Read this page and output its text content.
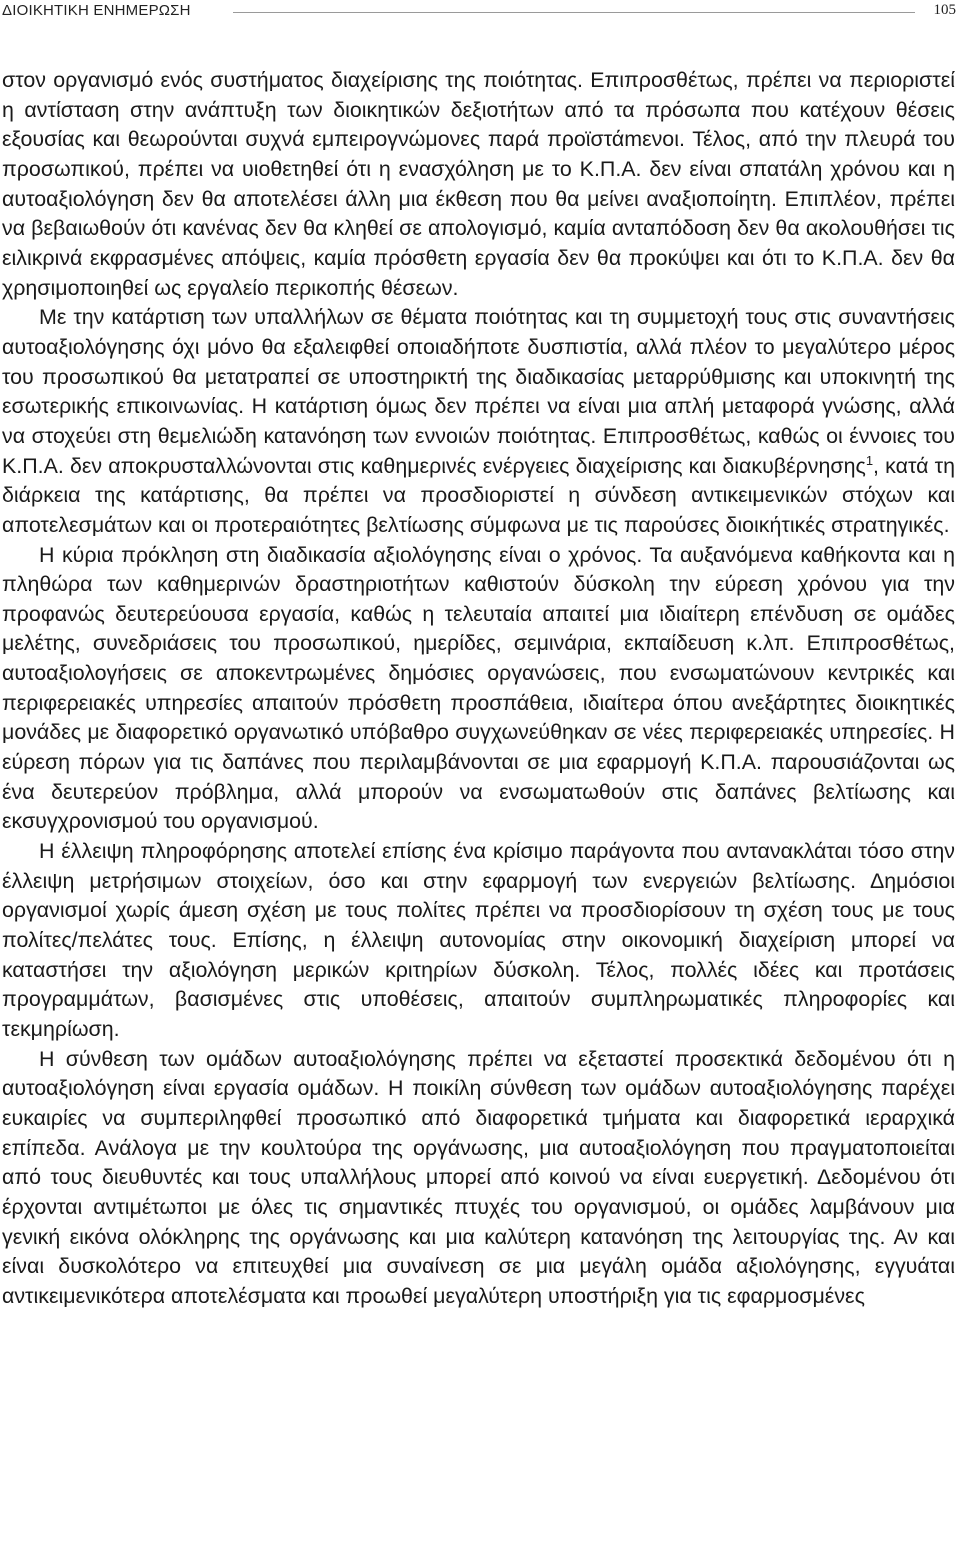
ΔΙΟΙΚΗΤΙΚΗ ΕΝΗΜΕΡΩΣΗ	105

στον οργανισμό ενός συστήματος διαχείρισης της ποιότητας. Επιπροσθέτως, πρέπει να περιοριστεί η αντίσταση στην ανάπτυξη των διοικητικών δεξιοτήτων από τα πρόσωπα που κατέχουν θέσεις εξουσίας και θεωρούνται συχνά εμπειρογνώμονες παρά προϊστάmενοι. Τέλος, από την πλευρά του προσωπικού, πρέπει να υιοθετηθεί ότι η ενασχόληση με το Κ.Π.Α. δεν είναι σπατάλη χρόνου και η αυτοαξιολόγηση δεν θα αποτελέσει άλλη μια έκθεση που θα μείνει αναξιοποίητη. Επιπλέον, πρέπει να βεβαιωθούν ότι κανένας δεν θα κληθεί σε απολογισμό, καμία ανταπόδοση δεν θα ακολουθήσει τις ειλικρινά εκφρασμένες απόψεις, καμία πρόσθετη εργασία δεν θα προκύψει και ότι το Κ.Π.Α. δεν θα χρησιμοποιηθεί ως εργαλείο περικοπής θέσεων.

Με την κατάρτιση των υπαλλήλων σε θέματα ποιότητας και τη συμμετοχή τους στις συναντήσεις αυτοαξιολόγησης όχι μόνο θα εξαλειφθεί οποιαδήποτε δυσπιστία, αλλά πλέον το μεγαλύτερο μέρος του προσωπικού θα μετατραπεί σε υποστηρικτή της διαδικασίας μεταρρύθμισης και υποκινητή της εσωτερικής επικοινωνίας. Η κατάρτιση όμως δεν πρέπει να είναι μια απλή μεταφορά γνώσης, αλλά να στοχεύει στη θεμελιώδη κατανόηση των εννοιών ποιότητας. Επιπροσθέτως, καθώς οι έννοιες του Κ.Π.Α. δεν αποκρυσταλλώνονται στις καθημερινές ενέργειες διαχείρισης και διακυβέρνησης$^1$, κατά τη διάρκεια της κατάρτισης, θα πρέπει να προσδιοριστεί η σύνδεση αντικειμενικών στόχων και αποτελεσμάτων και οι προτεραιότητες βελτίωσης σύμφωνα με τις παρούσες διοικήτικές στρατηγικές.

Η κύρια πρόκληση στη διαδικασία αξιολόγησης είναι ο χρόνος. Τα αυξανόμενα καθήκοντα και η πληθώρα των καθημερινών δραστηριοτήτων καθιστούν δύσκολη την εύρεση χρόνου για την προφανώς δευτερεύουσα εργασία, καθώς η τελευταία απαιτεί μια ιδιαίτερη επένδυση σε ομάδες μελέτης, συνεδριάσεις του προσωπικού, ημερίδες, σεμινάρια, εκπαίδευση κ.λπ. Επιπροσθέτως, αυτοαξιολογήσεις σε αποκεντρωμένες δημόσιες οργανώσεις, που ενσωματώνουν κεντρικές και περιφερειακές υπηρεσίες απαιτούν πρόσθετη προσπάθεια, ιδιαίτερα όπου ανεξάρτητες διοικητικές μονάδες με διαφορετικό οργανωτικό υπόβαθρο συγχωνεύθηκαν σε νέες περιφερειακές υπηρεσίες. Η εύρεση πόρων για τις δαπάνες που περιλαμβάνονται σε μια εφαρμογή Κ.Π.Α. παρουσιάζονται ως ένα δευτερεύον πρόβλημα, αλλά μπορούν να ενσωματωθούν στις δαπάνες βελτίωσης και εκσυγχρονισμού του οργανισμού.

Η έλλειψη πληροφόρησης αποτελεί επίσης ένα κρίσιμο παράγοντα που αντανακλάται τόσο στην έλλειψη μετρήσιμων στοιχείων, όσο και στην εφαρμογή των ενεργειών βελτίωσης. Δημόσιοι οργανισμοί χωρίς άμεση σχέση με τους πολίτες πρέπει να προσδιορίσουν τη σχέση τους με τους πολίτες/πελάτες τους. Επίσης, η έλλειψη αυτονομίας στην οικονομική διαχείριση μπορεί να καταστήσει την αξιολόγηση μερικών κριτηρίων δύσκολη. Τέλος, πολλές ιδέες και προτάσεις προγραμμάτων, βασισμένες στις υποθέσεις, απαιτούν συμπληρωματικές πληροφορίες και τεκμηρίωση.

Η σύνθεση των ομάδων αυτοαξιολόγησης πρέπει να εξεταστεί προσεκτικά δεδομένου ότι η αυτοαξιολόγηση είναι εργασία ομάδων. Η ποικίλη σύνθεση των ομάδων αυτοαξιολόγησης παρέχει ευκαιρίες να συμπεριληφθεί προσωπικό από διαφορετικά τμήματα και διαφορετικά ιεραρχικά επίπεδα. Ανάλογα με την κουλτούρα της οργάνωσης, μια αυτοαξιολόγηση που πραγματοποιείται από τους διευθυντές και τους υπαλλήλους μπορεί από κοινού να είναι ευεργετική. Δεδομένου ότι έρχονται αντιμέτωποι με όλες τις σημαντικές πτυχές του οργανισμού, οι ομάδες λαμβάνουν μια γενική εικόνα ολόκληρης της οργάνωσης και μια καλύτερη κατανόηση της λειτουργίας της. Αν και είναι δυσκολότερο να επιτευχθεί μια συναίνεση σε μια μεγάλη ομάδα αξιολόγησης, εγγυάται αντικειμενικότερα αποτελέσματα και προωθεί μεγαλύτερη υποστήριξη για τις εφαρμοσμένες
